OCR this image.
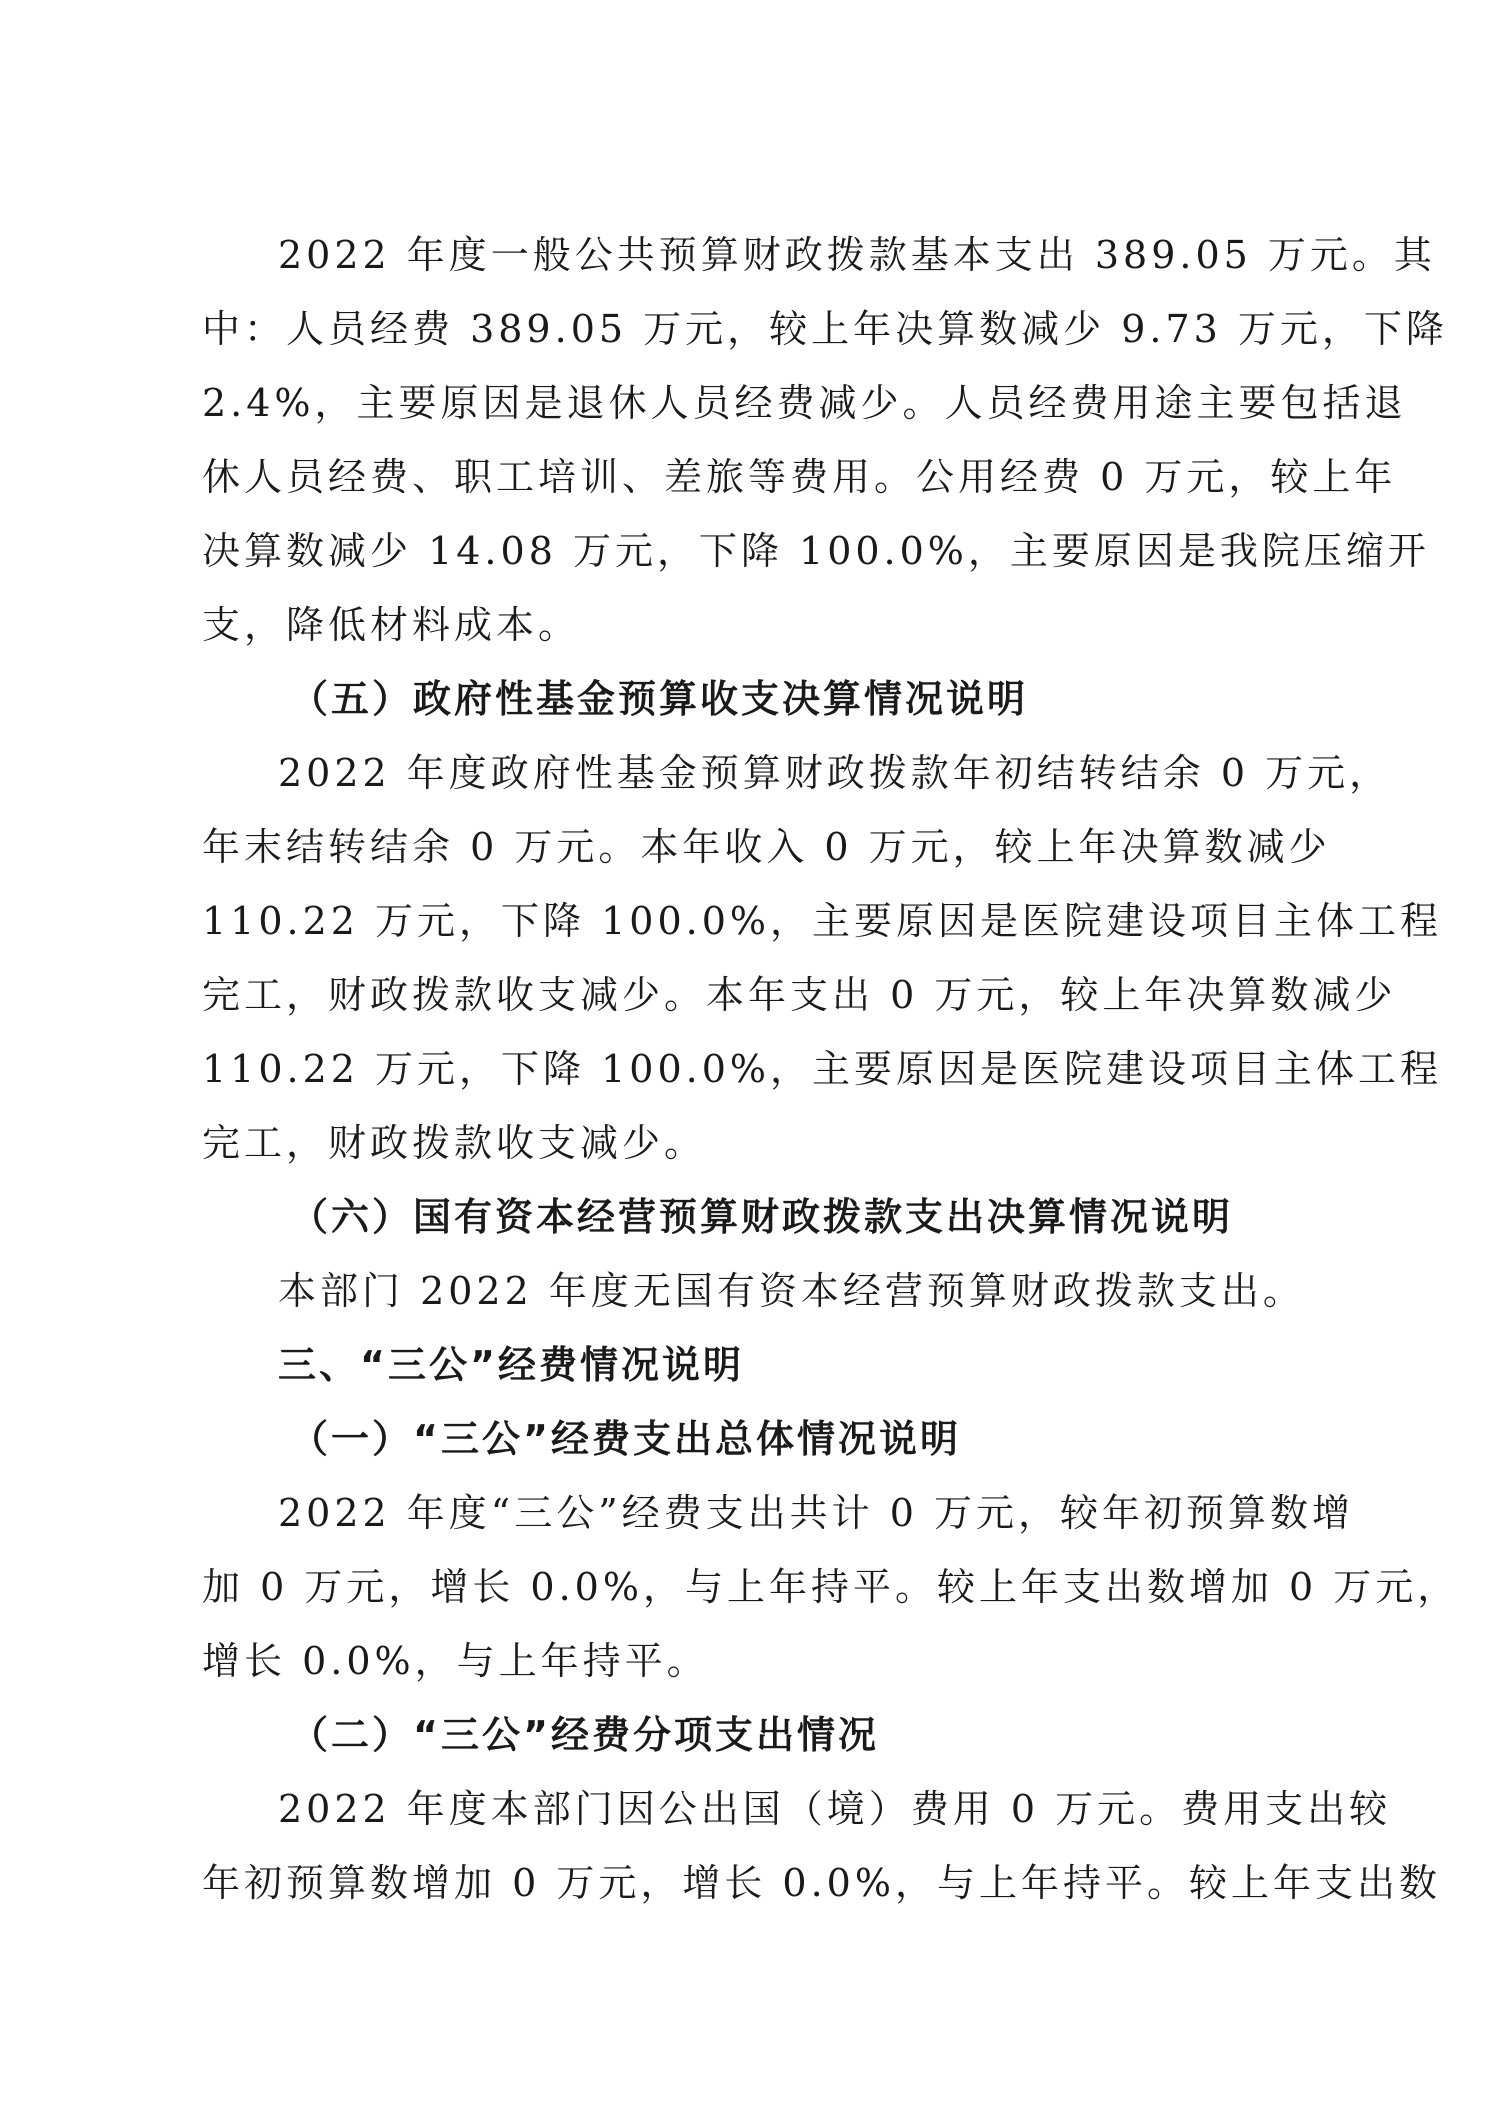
2022 年度一般公共预算财政拨款基本支出 389.05 万元。其
中：人员经费 389.05 万元，较上年决算数减少 9.73 万元，下降
2.4%，主要原因是退休人员经费减少。人员经费用途主要包括退
休人员经费、职工培训、差旅等费用。公用经费 0 万元，较上年
决算数减少 14.08 万元，下降 100.0%，主要原因是我院压缩开
支，降低材料成本。
（五）政府性基金预算收支决算情况说明
2022 年度政府性基金预算财政拨款年初结转结余 0 万元，
年末结转结余 0 万元。本年收入 0 万元，较上年决算数减少
110.22 万元，下降 100.0%，主要原因是医院建设项目主体工程
完工，财政拨款收支减少。本年支出 0 万元，较上年决算数减少
110.22 万元，下降 100.0%，主要原因是医院建设项目主体工程
完工，财政拨款收支减少。
（六）国有资本经营预算财政拨款支出决算情况说明
本部门 2022 年度无国有资本经营预算财政拨款支出。
三、“三公”经费情况说明
（一）“三公”经费支出总体情况说明
2022 年度“三公”经费支出共计 0 万元，较年初预算数增
加 0 万元，增长 0.0%，与上年持平。较上年支出数增加 0 万元，
增长 0.0%，与上年持平。
（二）“三公”经费分项支出情况
2022 年度本部门因公出国（境）费用 0 万元。费用支出较
年初预算数增加 0 万元，增长 0.0%，与上年持平。较上年支出数
